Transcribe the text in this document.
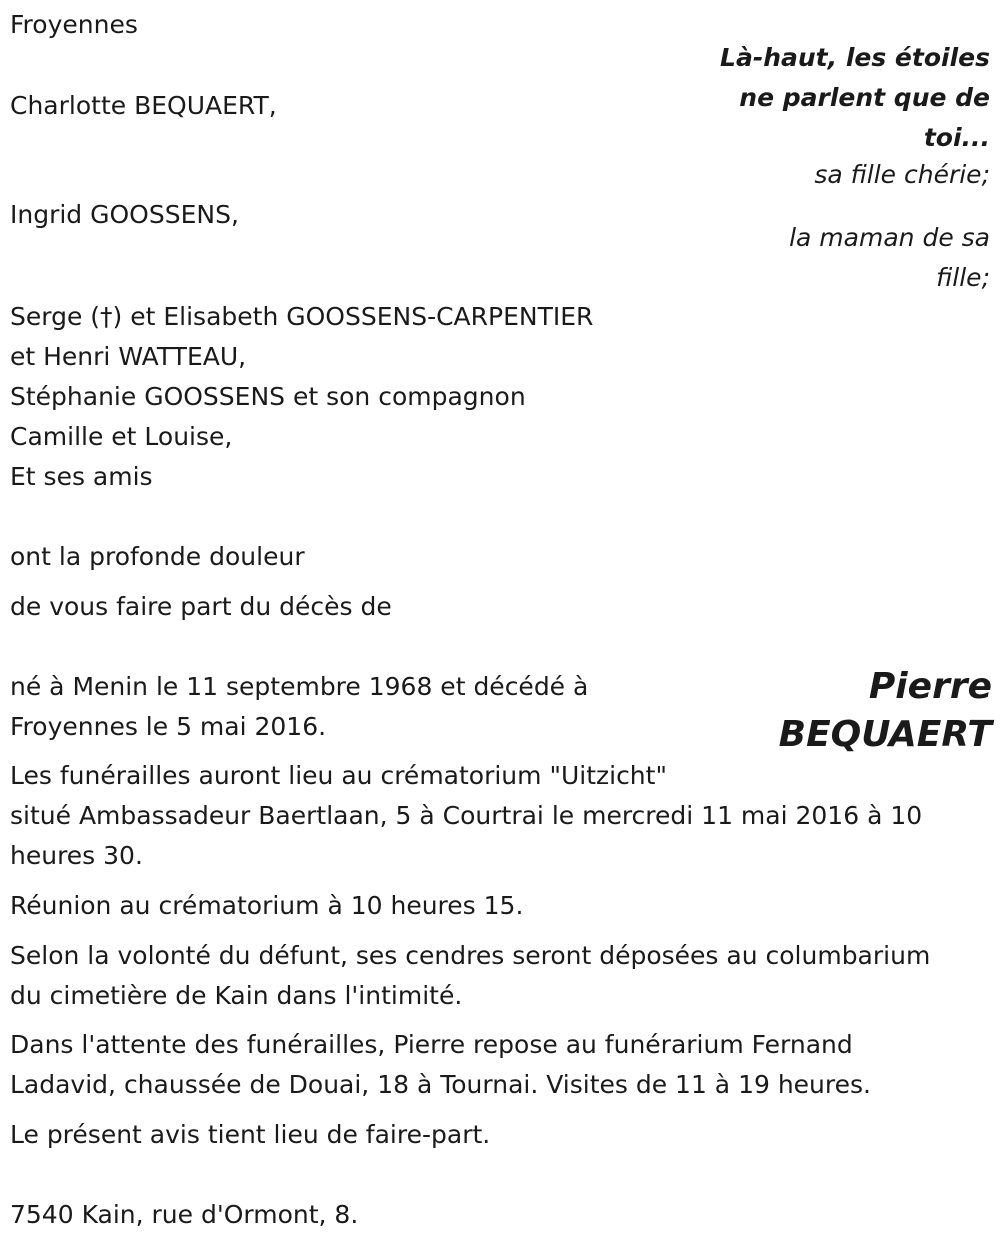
Froyennes
Là-haut, les étoiles
ne parlent que de
toi...
Charlotte BEQUAERT,
sa fille chérie;
Ingrid GOOSSENS,
la maman de sa
fille;
Serge (†) et Elisabeth GOOSSENS-CARPENTIER
et Henri WATTEAU,
Stéphanie GOOSSENS et son compagnon
Camille et Louise,
Et ses amis
ont la profonde douleur
de vous faire part du décès de
Pierre
BEQUAERT
né à Menin le 11 septembre 1968 et décédé à
Froyennes le 5 mai 2016.
Les funérailles auront lieu au crématorium "Uitzicht"
situé Ambassadeur Baertlaan, 5 à Courtrai le mercredi 11 mai 2016 à 10
heures 30.
Réunion au crématorium à 10 heures 15.
Selon la volonté du défunt, ses cendres seront déposées au columbarium
du cimetière de Kain dans l'intimité.
Dans l'attente des funérailles, Pierre repose au funérarium Fernand
Ladavid, chaussée de Douai, 18 à Tournai. Visites de 11 à 19 heures.
Le présent avis tient lieu de faire-part.
7540 Kain, rue d'Ormont, 8.
